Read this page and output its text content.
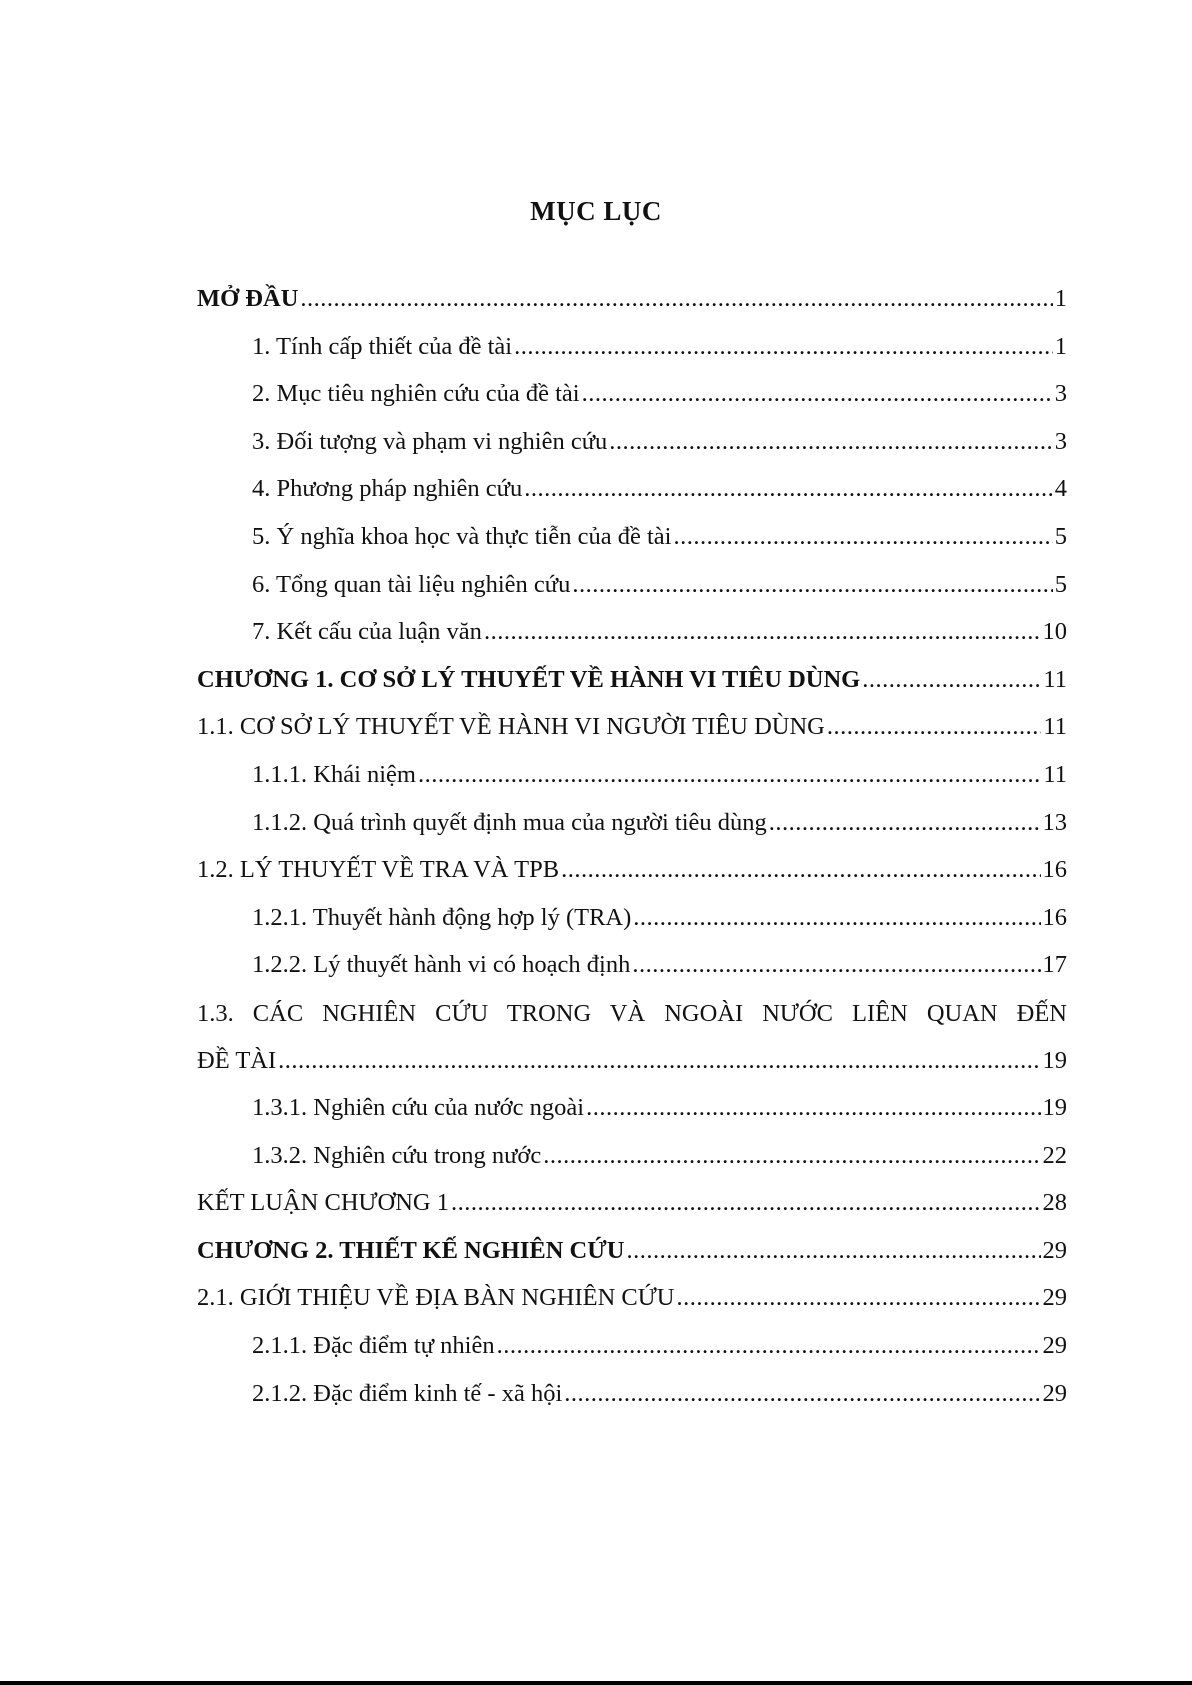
MỤC LỤC
MỞ ĐẦU .....	1
1. Tính cấp thiết của đề tài .....	1
2. Mục tiêu nghiên cứu của đề tài .....	3
3. Đối tượng và phạm vi nghiên cứu .....	3
4. Phương pháp nghiên cứu .....	4
5. Ý nghĩa khoa học và thực tiễn của đề tài .....	5
6. Tổng quan tài liệu nghiên cứu .....	5
7. Kết cấu của luận văn .....	10
CHƯƠNG 1. CƠ SỞ LÝ THUYẾT VỀ HÀNH VI TIÊU DÙNG .....	11
1.1. CƠ SỞ LÝ THUYẾT VỀ HÀNH VI NGƯỜI TIÊU DÙNG .....	11
1.1.1. Khái niệm .....	11
1.1.2. Quá trình quyết định mua của người tiêu dùng .....	13
1.2. LÝ THUYẾT VỀ TRA VÀ TPB .....	16
1.2.1. Thuyết hành động hợp lý (TRA) .....	16
1.2.2. Lý thuyết hành vi có hoạch định .....	17
1.3. CÁC NGHIÊN CỨU TRONG VÀ NGOÀI NƯỚC LIÊN QUAN ĐẾN
ĐỀ TÀI .....	19
1.3.1. Nghiên cứu của nước ngoài .....	19
1.3.2. Nghiên cứu trong nước .....	22
KẾT LUẬN CHƯƠNG 1 .....	28
CHƯƠNG 2. THIẾT KẾ NGHIÊN CỨU .....	29
2.1. GIỚI THIỆU VỀ ĐỊA BÀN NGHIÊN CỨU .....	29
2.1.1. Đặc điểm tự nhiên .....	29
2.1.2. Đặc điểm kinh tế - xã hội .....	29
